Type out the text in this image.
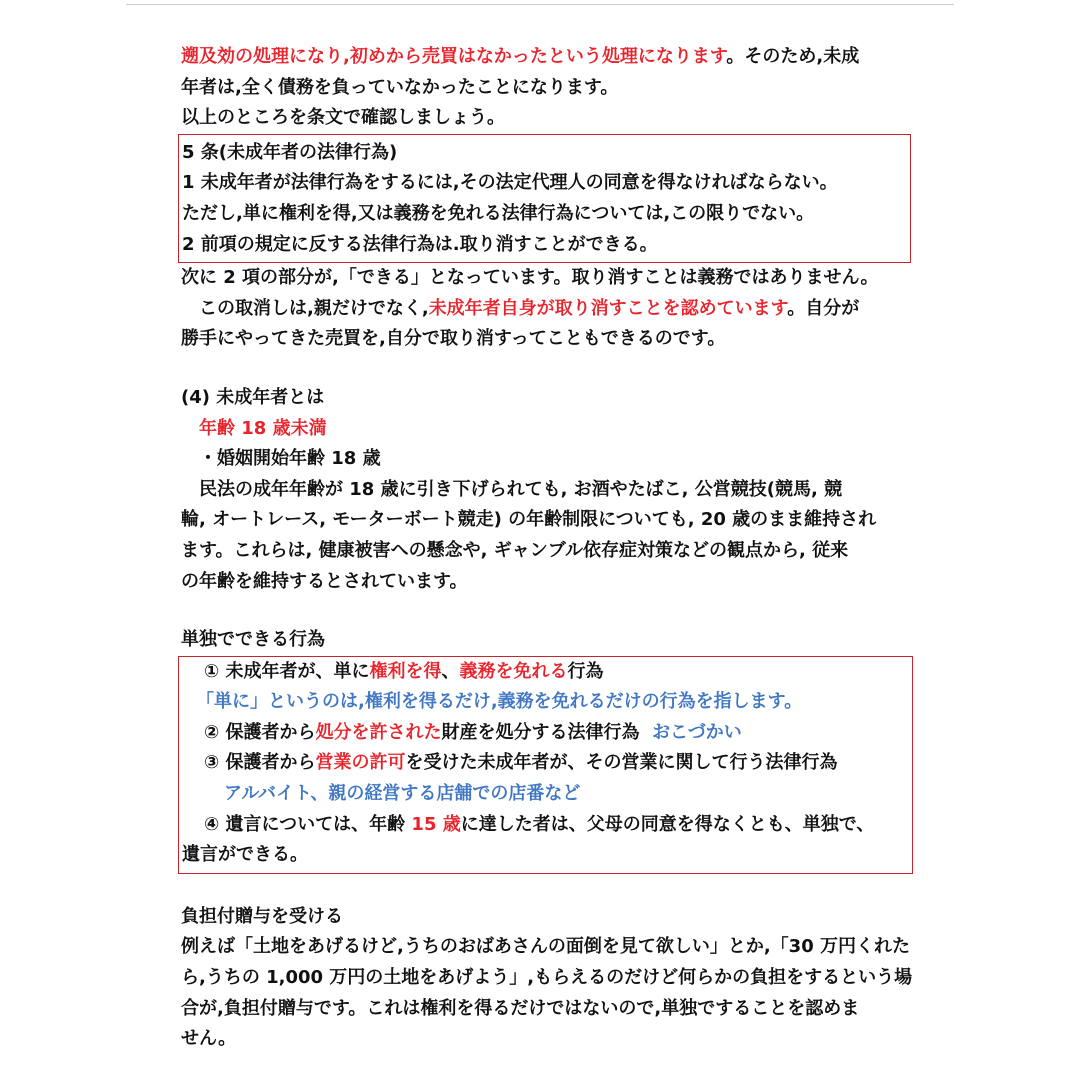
遡及効の処理になり,初めから売買はなかったという処理になります。そのため,未成
年者は,全く債務を負っていなかったことになります。
以上のところを条文で確認しましょう。
5 条(未成年者の法律行為)
1 未成年者が法律行為をするには,その法定代理人の同意を得なければならない。
ただし,単に権利を得,又は義務を免れる法律行為については,この限りでない。
2 前項の規定に反する法律行為は.取り消すことができる。
次に 2 項の部分が,「できる」となっています。取り消すことは義務ではありません。
　この取消しは,親だけでなく,未成年者自身が取り消すことを認めています。自分が
勝手にやってきた売買を,自分で取り消すってこともできるのです。
(4) 未成年者とは
年齢 18 歳未満
・婚姻開始年齢 18 歳
民法の成年年齢が 18 歳に引き下げられても, お酒やたばこ, 公営競技(競馬, 競
輪, オートレース, モーターボート競走) の年齢制限についても, 20 歳のまま維持され
ます。これらは, 健康被害への懸念や, ギャンブル依存症対策などの観点から, 従来
の年齢を維持するとされています。
単独でできる行為
① 未成年者が、単に権利を得、義務を免れる行為
「単に」というのは,権利を得るだけ,義務を免れるだけの行為を指します。
② 保護者から処分を許された財産を処分する法律行為 おこづかい
③ 保護者から営業の許可を受けた未成年者が、その営業に関して行う法律行為
アルバイト、親の経営する店舗での店番など
④ 遺言については、年齢 15 歳に達した者は、父母の同意を得なくとも、単独で、
遺言ができる。
負担付贈与を受ける
例えば「土地をあげるけど,うちのおばあさんの面倒を見て欲しい」とか,「30 万円くれた
ら,うちの 1,000 万円の土地をあげよう」,もらえるのだけど何らかの負担をするという場
合が,負担付贈与です。これは権利を得るだけではないので,単独ですることを認めま
せん。
